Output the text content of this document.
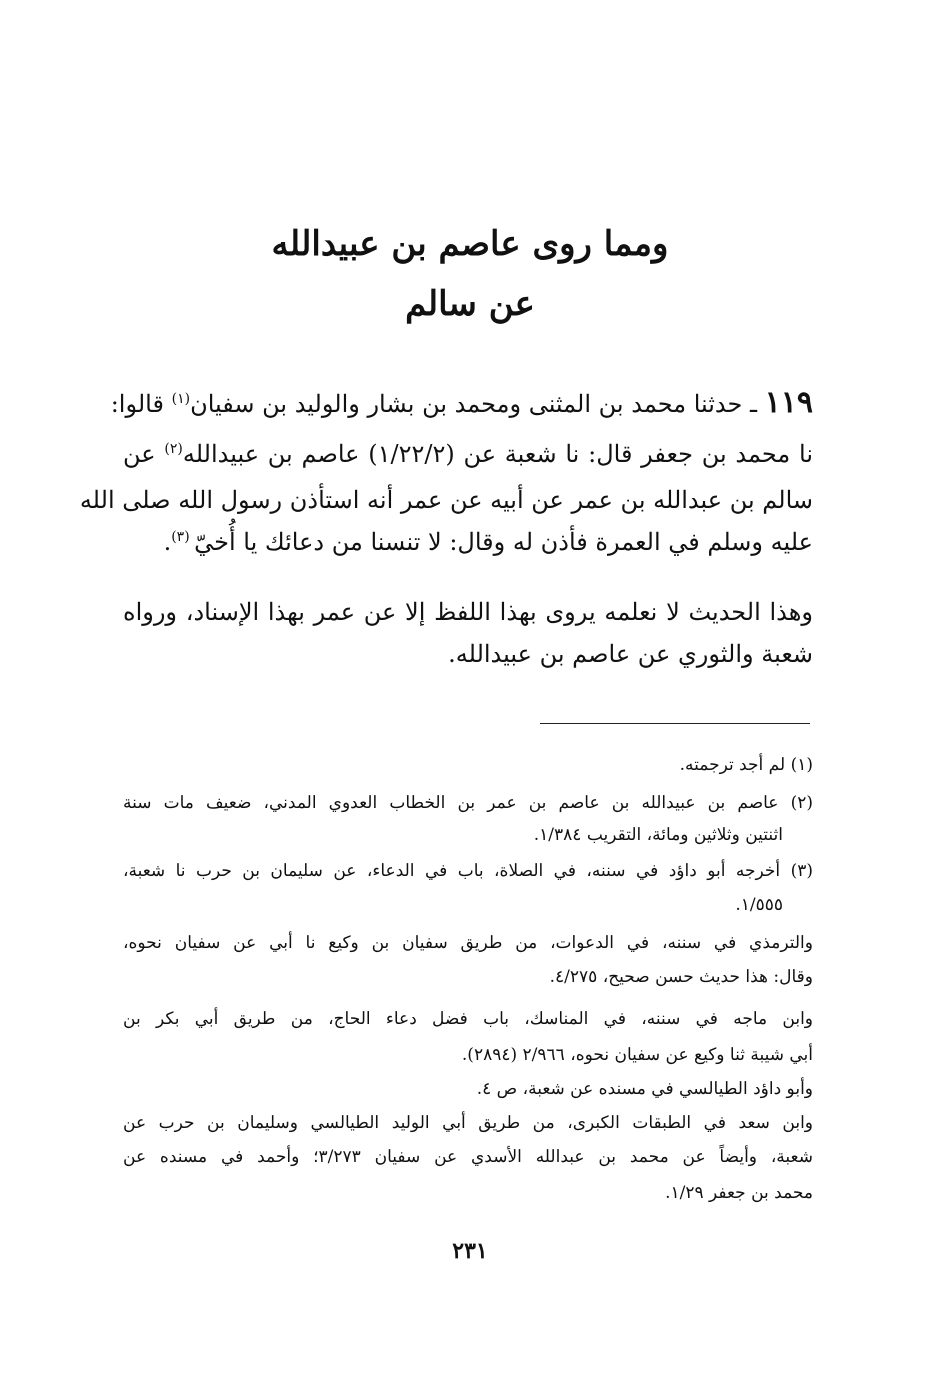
ومما روى عاصم بن عبيدالله
عن سالم
١١٩ ـ حدثنا محمد بن المثنى ومحمد بن بشار والوليد بن سفيان$^{(١)}$ قالوا:
نا محمد بن جعفر قال: نا شعبة عن (١/٢٢/٢) عاصم بن عبيدالله$^{(٢)}$ عن
سالم بن عبدالله بن عمر عن أبيه عن عمر أنه استأذن رسول الله صلى الله
عليه وسلم في العمرة فأذن له وقال: لا تنسنا من دعائك يا أُخيّ $^{(٣)}$.
وهذا الحديث لا نعلمه يروى بهذا اللفظ إلا عن عمر بهذا الإسناد، ورواه
شعبة والثوري عن عاصم بن عبيدالله.
(١) لم أجد ترجمته.
(٢) عاصم بن عبيدالله بن عاصم بن عمر بن الخطاب العدوي المدني، ضعيف مات سنة
اثنتين وثلاثين ومائة، التقريب ١/٣٨٤.
(٣) أخرجه أبو داؤد في سننه، في الصلاة، باب في الدعاء، عن سليمان بن حرب نا شعبة،
١/٥٥٥.
والترمذي في سننه، في الدعوات، من طريق سفيان بن وكيع نا أبي عن سفيان نحوه،
وقال: هذا حديث حسن صحيح، ٤/٢٧٥.
وابن ماجه في سننه، في المناسك، باب فضل دعاء الحاج، من طريق أبي بكر بن
أبي شيبة ثنا وكيع عن سفيان نحوه، ٢/٩٦٦ (٢٨٩٤).
وأبو داؤد الطيالسي في مسنده عن شعبة، ص ٤.
وابن سعد في الطبقات الكبرى، من طريق أبي الوليد الطيالسي وسليمان بن حرب عن
شعبة، وأيضاً عن محمد بن عبدالله الأسدي عن سفيان ٣/٢٧٣؛ وأحمد في مسنده عن
محمد بن جعفر ١/٢٩.
٢٣١
